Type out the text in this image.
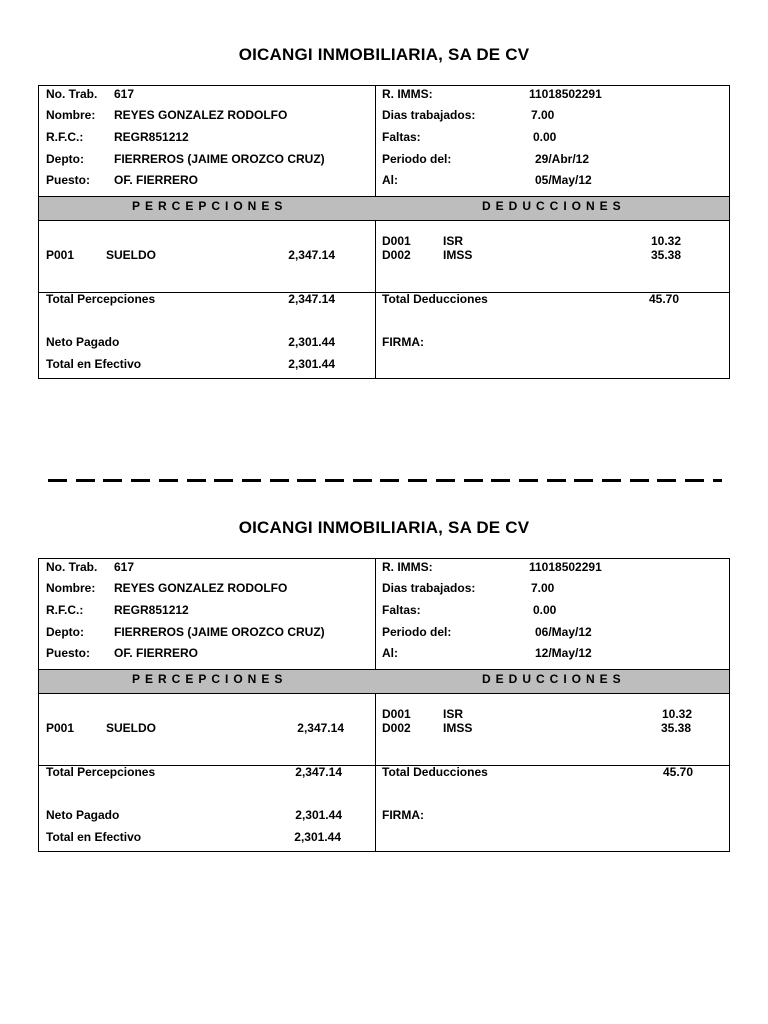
OICANGI INMOBILIARIA, SA DE CV
No. Trab. 617
Nombre: REYES GONZALEZ RODOLFO
R.F.C.:	REGR851212
Depto:	FIERREROS (JAIME OROZCO CRUZ)
Puesto: OF. FIERRERO
R. IMMS:	11018502291
Dias trabajados:	7.00
Faltas:	0.00
Periodo del:	29/Abr/12
Al:	05/May/12
PERCEPCIONES	DEDUCCIONES
P001	SUELDO	2,347.14
D001	ISR	10.32
D002	IMSS	35.38
Total Percepciones	2,347.14	Total Deducciones	45.70
Neto Pagado	2,301.44	FIRMA:
Total en Efectivo	2,301.44
OICANGI INMOBILIARIA, SA DE CV
No. Trab. 617
Nombre: REYES GONZALEZ RODOLFO
R.F.C.:	REGR851212
Depto:	FIERREROS (JAIME OROZCO CRUZ)
Puesto: OF. FIERRERO
R. IMMS:	11018502291
Dias trabajados:	7.00
Faltas:	0.00
Periodo del:	06/May/12
Al:	12/May/12
PERCEPCIONES	DEDUCCIONES
P001	SUELDO	2,347.14
D001	ISR	10.32
D002	IMSS	35.38
Total Percepciones	2,347.14	Total Deducciones	45.70
Neto Pagado	2,301.44	FIRMA:
Total en Efectivo	2,301.44
